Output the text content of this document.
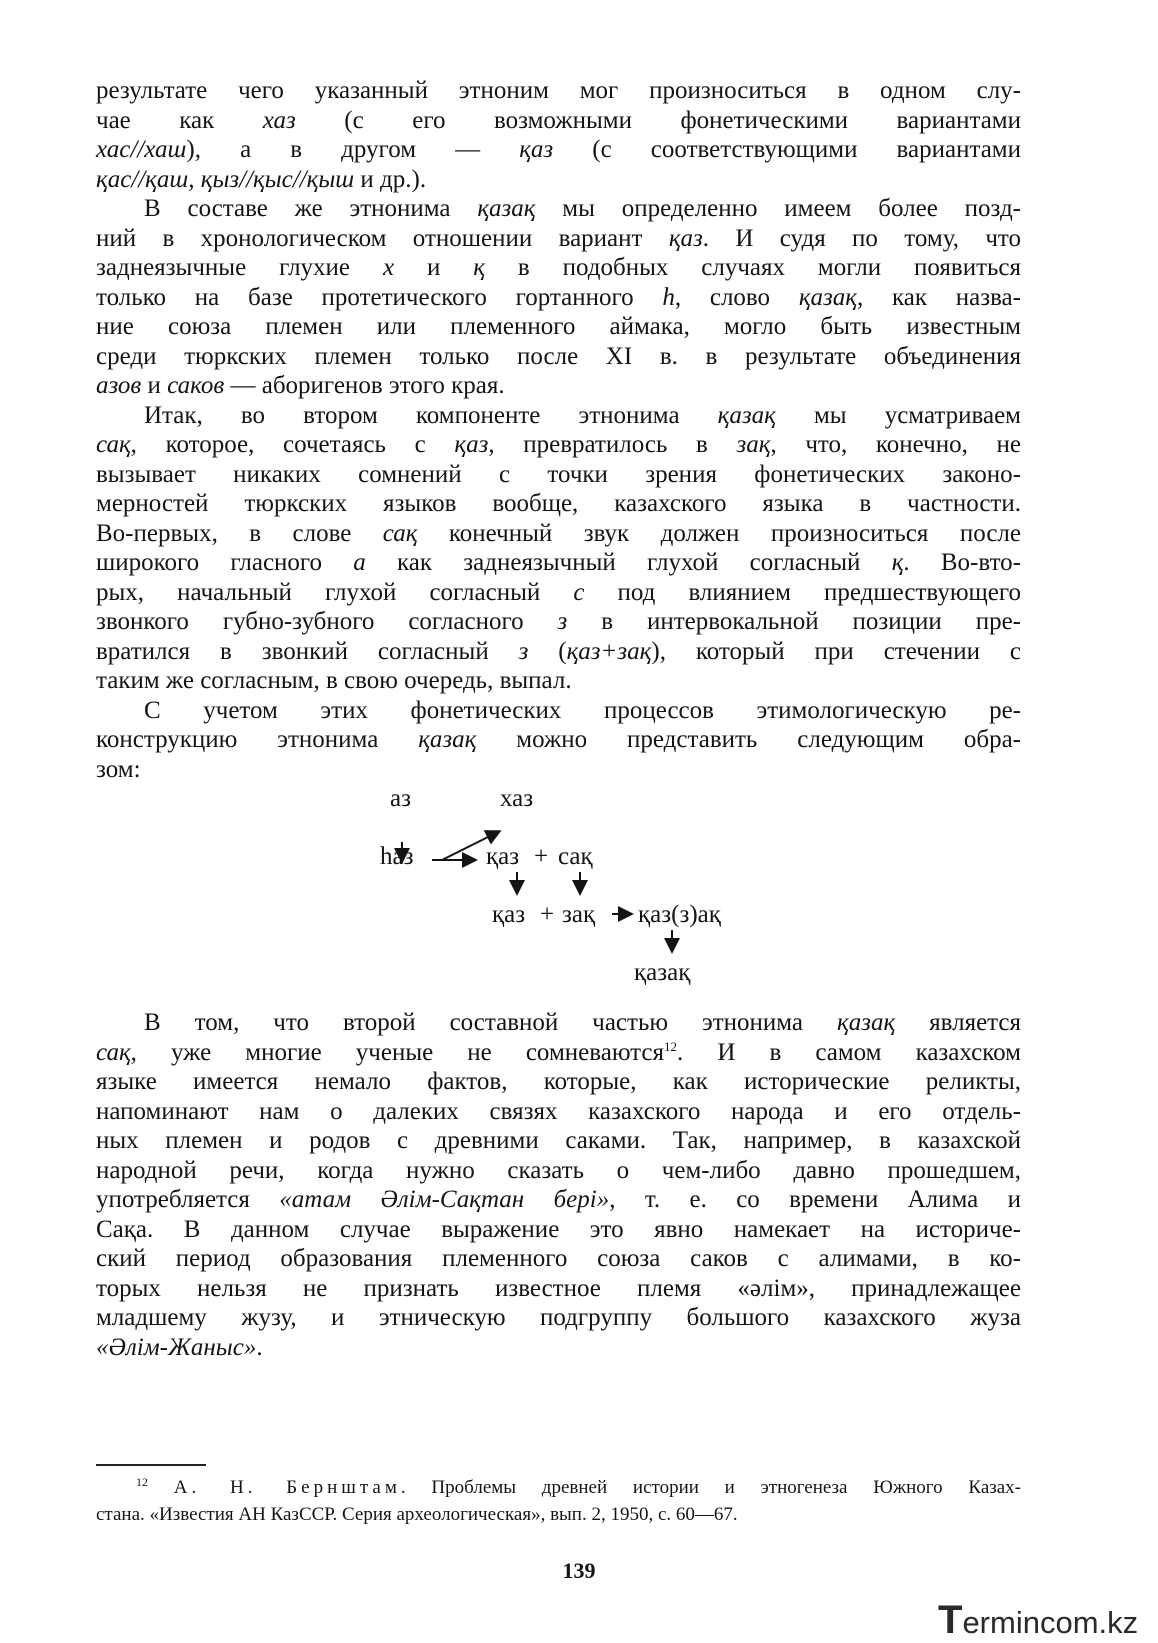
результате чего указанный этноним мог произноситься в одном слу-
чае как хаз (с его возможными фонетическими вариантами
хас//хаш), а в другом — қаз (с соответствующими вариантами
қас//қаш, қыз//қыс//қыш и др.).
В составе же этнонима қазақ мы определенно имеем более позд-
ний в хронологическом отношении вариант қаз. И судя по тому, что
заднеязычные глухие х и қ в подобных случаях могли появиться
только на базе протетического гортанного һ, слово қазақ, как назва-
ние союза племен или племенного аймака, могло быть известным
среди тюркских племен только после XI в. в результате объединения
азов и саков — аборигенов этого края.
Итак, во втором компоненте этнонима қазақ мы усматриваем
сақ, которое, сочетаясь с қаз, превратилось в зақ, что, конечно, не
вызывает никаких сомнений с точки зрения фонетических законо-
мерностей тюркских языков вообще, казахского языка в частности.
Во-первых, в слове сақ конечный звук должен произноситься после
широкого гласного а как заднеязычный глухой согласный қ. Во-вто-
рых, начальный глухой согласный с под влиянием предшествующего
звонкого губно-зубного согласного з в интервокальной позиции пре-
вратился в звонкий согласный з (қаз+зақ), который при стечении с
таким же согласным, в свою очередь, выпал.
С учетом этих фонетических процессов этимологическую ре-
конструкцию этнонима қазақ можно представить следующим обра-
зом:
аз	хаз
һаз	қаз + сақ
қаз + зақ қаз(з)ақ
қазақ
В том, что второй составной частью этнонима қазақ является
сақ, уже многие ученые не сомневаются$^{12}$. И в самом казахском
языке имеется немало фактов, которые, как исторические реликты,
напоминают нам о далеких связях казахского народа и его отдель-
ных племен и родов с древними саками. Так, например, в казахской
народной речи, когда нужно сказать о чем-либо давно прошедшем,
употребляется «атам Әлім-Сақтан бері», т. е. со времени Алима и
Сақа. В данном случае выражение это явно намекает на историче-
ский период образования племенного союза саков с алимами, в ко-
торых нельзя не признать известное племя «әлім», принадлежащее
младшему жузу, и этническую подгруппу большого казахского жуза
«Әлім-Жаныс».
$^{12}$ А. Н. Бернштам. Проблемы древней истории и этногенеза Южного Казах-
стана. «Известия АН КазССР. Серия археологическая», вып. 2, 1950, с. 60—67.
139
Termincom.kz
